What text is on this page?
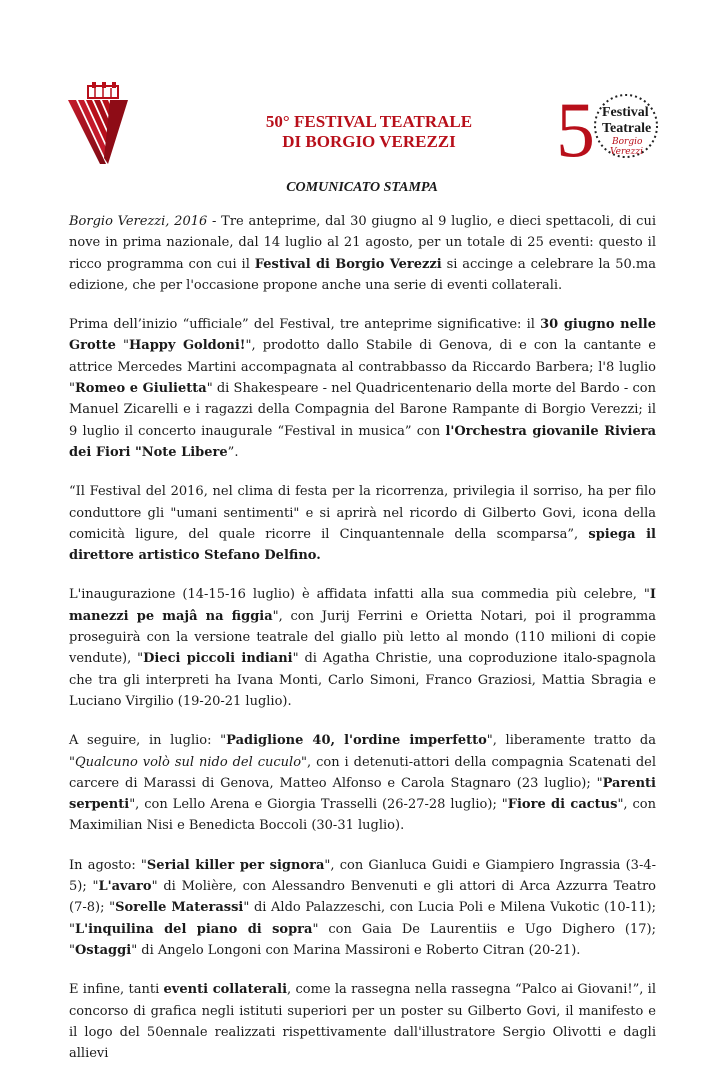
5 Festival
Teatrale
Borgio
Verezzi
50° FESTIVAL TEATRALE
DI BORGIO VEREZZI
COMUNICATO STAMPA

Borgio Verezzi, 2016 - Tre anteprime, dal 30 giugno al 9 luglio, e dieci spettacoli, di cui nove in prima nazionale, dal 14 luglio al 21 agosto, per un totale di 25 eventi: questo il ricco programma con cui il Festival di Borgio Verezzi si accinge a celebrare la 50.ma edizione, che per l'occasione propone anche una serie di eventi collaterali.

Prima dell’inizio “ufficiale” del Festival, tre anteprime significative: il 30 giugno nelle Grotte "Happy Goldoni!", prodotto dallo Stabile di Genova, di e con la cantante e attrice Mercedes Martini accompagnata al contrabbasso da Riccardo Barbera; l'8 luglio "Romeo e Giulietta" di Shakespeare - nel Quadricentenario della morte del Bardo - con Manuel Zicarelli e i ragazzi della Compagnia del Barone Rampante di Borgio Verezzi; il 9 luglio il concerto inaugurale “Festival in musica” con l'Orchestra giovanile Riviera dei Fiori "Note Libere”.

“Il Festival del 2016, nel clima di festa per la ricorrenza, privilegia il sorriso, ha per filo conduttore gli "umani sentimenti" e si aprirà nel ricordo di Gilberto Govi, icona della comicità ligure, del quale ricorre il Cinquantennale della scomparsa”, spiega il direttore artistico Stefano Delfino.

L'inaugurazione (14-15-16 luglio) è affidata infatti alla sua commedia più celebre, "I manezzi pe majâ na figgia", con Jurij Ferrini e Orietta Notari, poi il programma proseguirà con la versione teatrale del giallo più letto al mondo (110 milioni di copie vendute), "Dieci piccoli indiani" di Agatha Christie, una coproduzione italo-spagnola che tra gli interpreti ha Ivana Monti, Carlo Simoni, Franco Graziosi, Mattia Sbragia e Luciano Virgilio (19-20-21 luglio).

A seguire, in luglio: "Padiglione 40, l'ordine imperfetto", liberamente tratto da "Qualcuno volò sul nido del cuculo", con i detenuti-attori della compagnia Scatenati del carcere di Marassi di Genova, Matteo Alfonso e Carola Stagnaro (23 luglio); "Parenti serpenti", con Lello Arena e Giorgia Trasselli (26-27-28 luglio); "Fiore di cactus", con Maximilian Nisi e Benedicta Boccoli (30-31 luglio).

In agosto: "Serial killer per signora", con Gianluca Guidi e Giampiero Ingrassia (3-4-5); "L'avaro" di Molière, con Alessandro Benvenuti e gli attori di Arca Azzurra Teatro (7-8); "Sorelle Materassi" di Aldo Palazzeschi, con Lucia Poli e Milena Vukotic (10-11); "L'inquilina del piano di sopra" con Gaia De Laurentiis e Ugo Dighero (17); "Ostaggi" di Angelo Longoni con Marina Massironi e Roberto Citran (20-21).

E infine, tanti eventi collaterali, come la rassegna nella rassegna “Palco ai Giovani!”, il concorso di grafica negli istituti superiori per un poster su Gilberto Govi, il manifesto e il logo del 50ennale realizzati rispettivamente dall'illustratore Sergio Olivotti e dagli allievi
